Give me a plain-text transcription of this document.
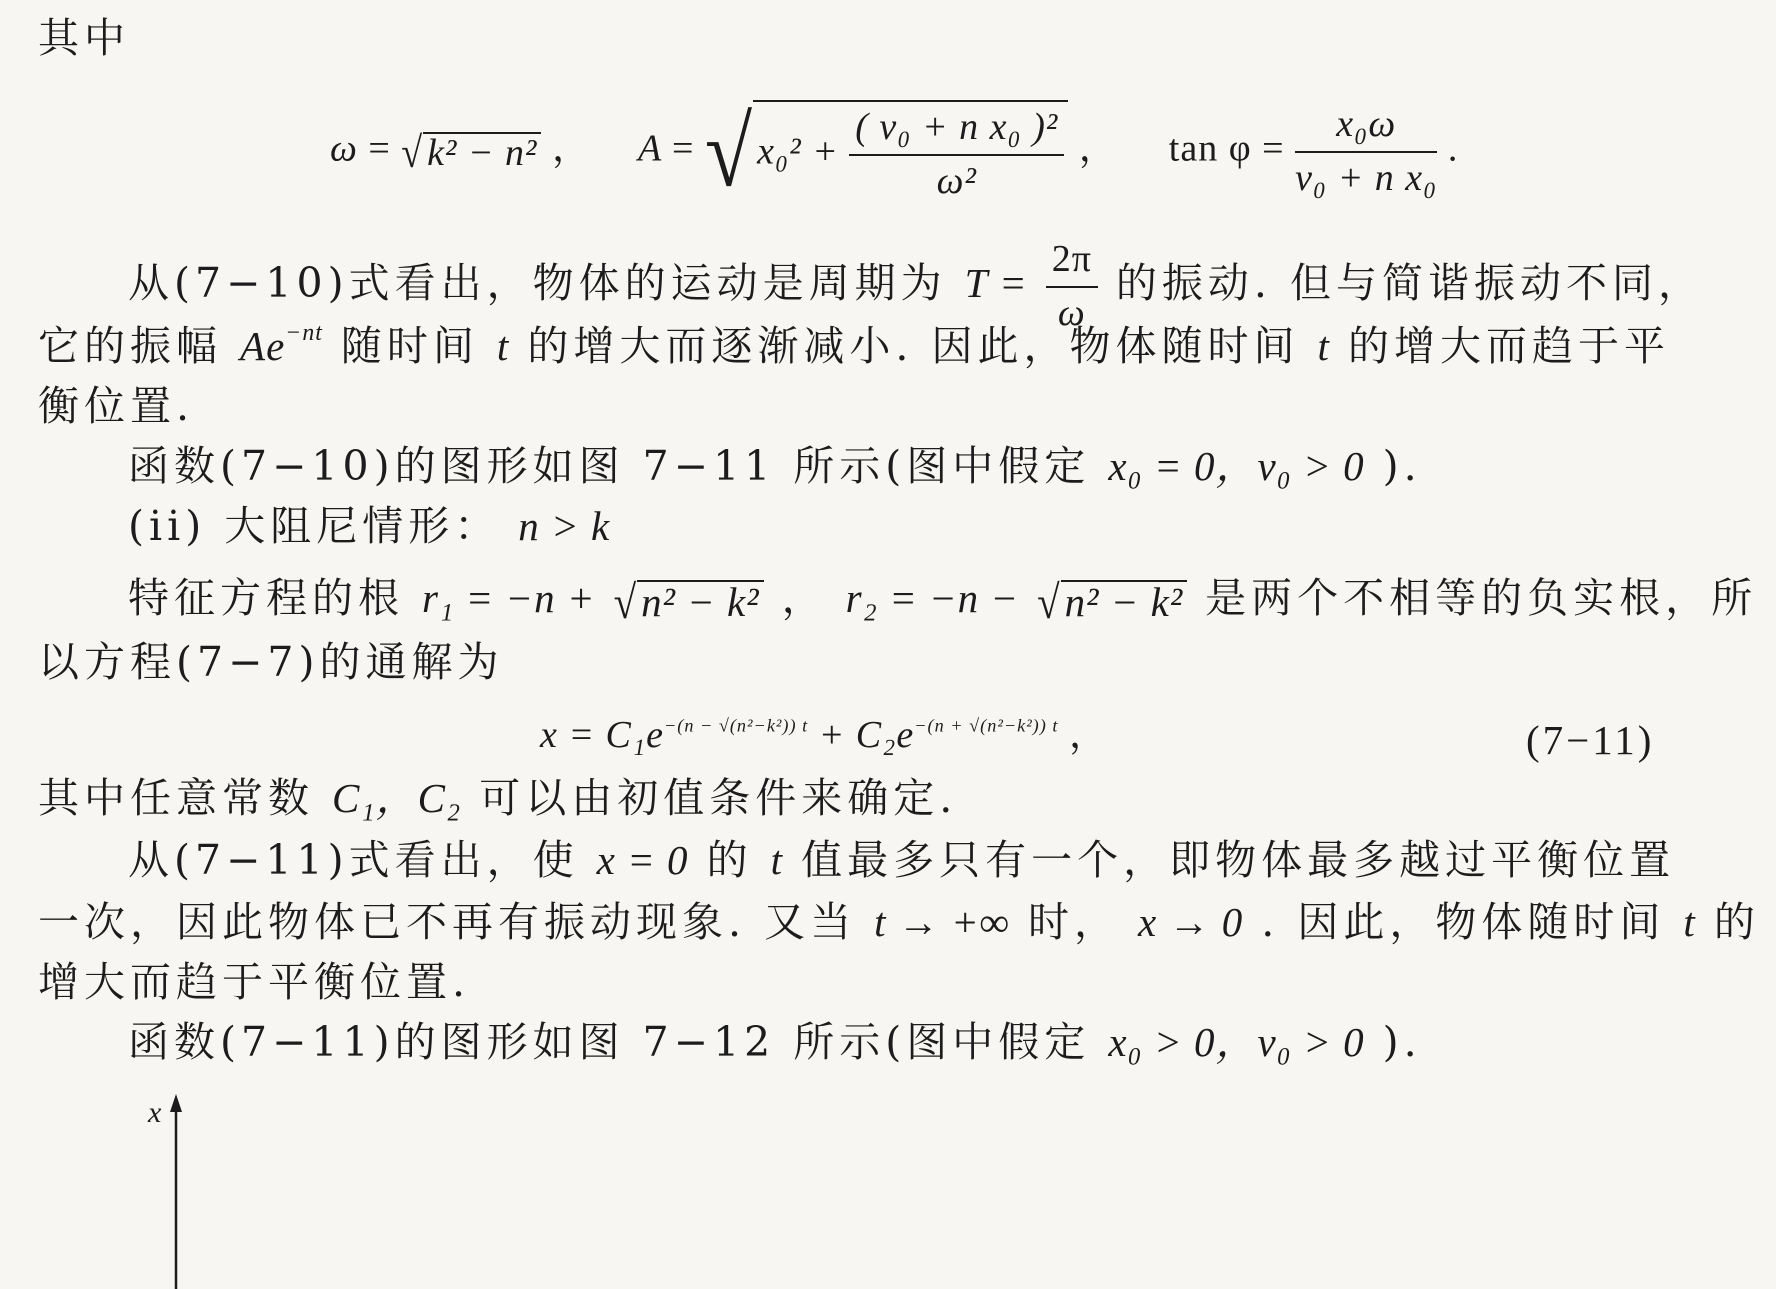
其中
ω = √ k² − n² ， A = √ $x_0^2 + \frac{\text{( v₀ + n x₀ )²}}{\text{ω²}}$ ， $\tan \varphi = \frac{\text{x₀ω}}{\text{v₀ + n x₀}}$ .
从(7−10)式看出，物体的运动是周期为 $T = \frac{2\pi}{\omega}$ 的振动. 但与简谐振动不同，
它的振幅 $Ae^{-nt}$ 随时间 t 的增大而逐渐减小. 因此，物体随时间 t 的增大而趋于平
衡位置.
函数(7−10)的图形如图 7−11 所示(图中假定 x₀ = 0，v₀ > 0 ).
(ii) 大阻尼情形： n > k
特征方程的根 r₁ = −n + √n² − k² ， r₂ = −n − √n² − k² 是两个不相等的负实根，所
以方程(7−7)的通解为
$x = C_1e^{-(n - √(n^2-k^2)) t} + C_2e^{-(n + √(n^2-k^2)) t}$ ，	(7−11)
其中任意常数 C₁，C₂ 可以由初值条件来确定.
从(7−11)式看出，使 x = 0 的 t 值最多只有一个，即物体最多越过平衡位置
一次，因此物体已不再有振动现象. 又当 t → +∞ 时， x → 0 . 因此，物体随时间 t 的
增大而趋于平衡位置.
函数(7−11)的图形如图 7−12 所示(图中假定 x₀ > 0，v₀ > 0 ).
x
